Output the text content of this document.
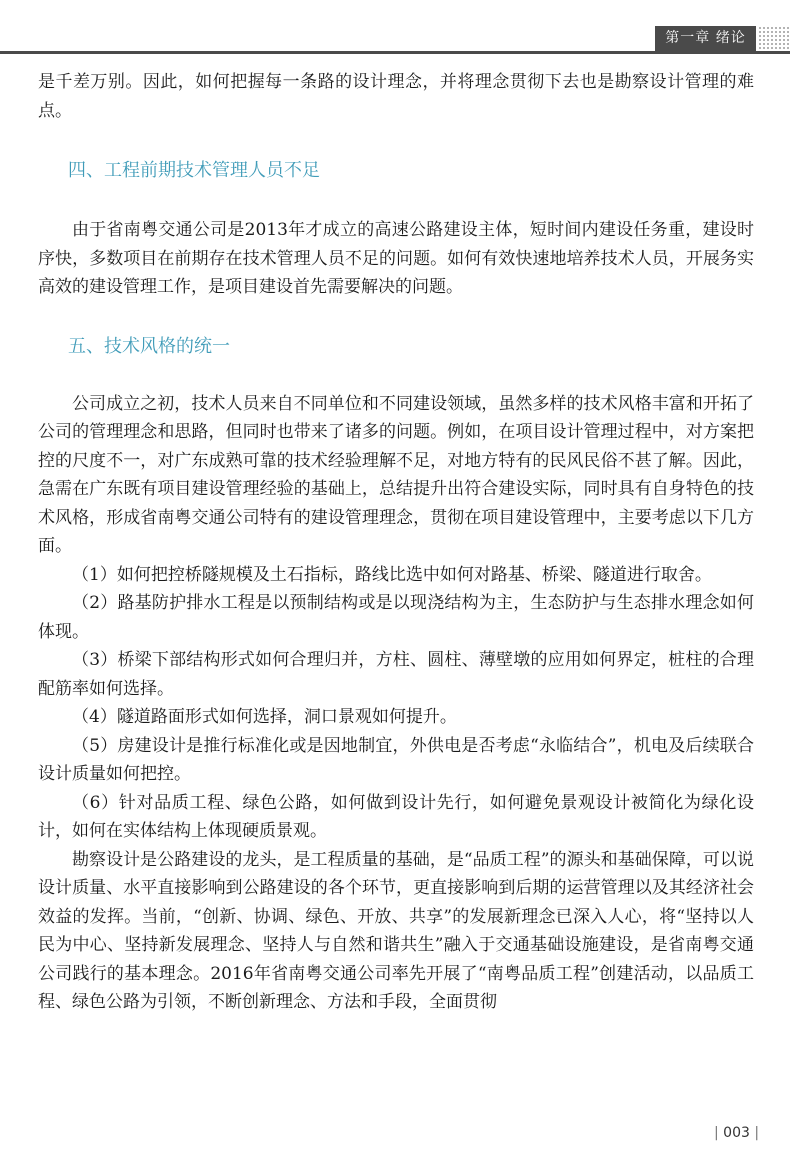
第一章 绪论

是千差万别。因此，如何把握每一条路的设计理念，并将理念贯彻下去也是勘察设计管理的难点。

四、工程前期技术管理人员不足

由于省南粤交通公司是2013年才成立的高速公路建设主体，短时间内建设任务重，建设时序快，多数项目在前期存在技术管理人员不足的问题。如何有效快速地培养技术人员，开展务实高效的建设管理工作，是项目建设首先需要解决的问题。

五、技术风格的统一

公司成立之初，技术人员来自不同单位和不同建设领域，虽然多样的技术风格丰富和开拓了公司的管理理念和思路，但同时也带来了诸多的问题。例如，在项目设计管理过程中，对方案把控的尺度不一，对广东成熟可靠的技术经验理解不足，对地方特有的民风民俗不甚了解。因此，急需在广东既有项目建设管理经验的基础上，总结提升出符合建设实际，同时具有自身特色的技术风格，形成省南粤交通公司特有的建设管理理念，贯彻在项目建设管理中，主要考虑以下几方面。

（1）如何把控桥隧规模及土石指标，路线比选中如何对路基、桥梁、隧道进行取舍。

（2）路基防护排水工程是以预制结构或是以现浇结构为主，生态防护与生态排水理念如何体现。

（3）桥梁下部结构形式如何合理归并，方柱、圆柱、薄壁墩的应用如何界定，桩柱的合理配筋率如何选择。

（4）隧道路面形式如何选择，洞口景观如何提升。

（5）房建设计是推行标准化或是因地制宜，外供电是否考虑“永临结合”，机电及后续联合设计质量如何把控。

（6）针对品质工程、绿色公路，如何做到设计先行，如何避免景观设计被简化为绿化设计，如何在实体结构上体现硬质景观。

勘察设计是公路建设的龙头，是工程质量的基础，是“品质工程”的源头和基础保障，可以说设计质量、水平直接影响到公路建设的各个环节，更直接影响到后期的运营管理以及其经济社会效益的发挥。当前，“创新、协调、绿色、开放、共享”的发展新理念已深入人心，将“坚持以人民为中心、坚持新发展理念、坚持人与自然和谐共生”融入于交通基础设施建设，是省南粤交通公司践行的基本理念。2016年省南粤交通公司率先开展了“南粤品质工程”创建活动，以品质工程、绿色公路为引领，不断创新理念、方法和手段，全面贯彻

| 003 |
